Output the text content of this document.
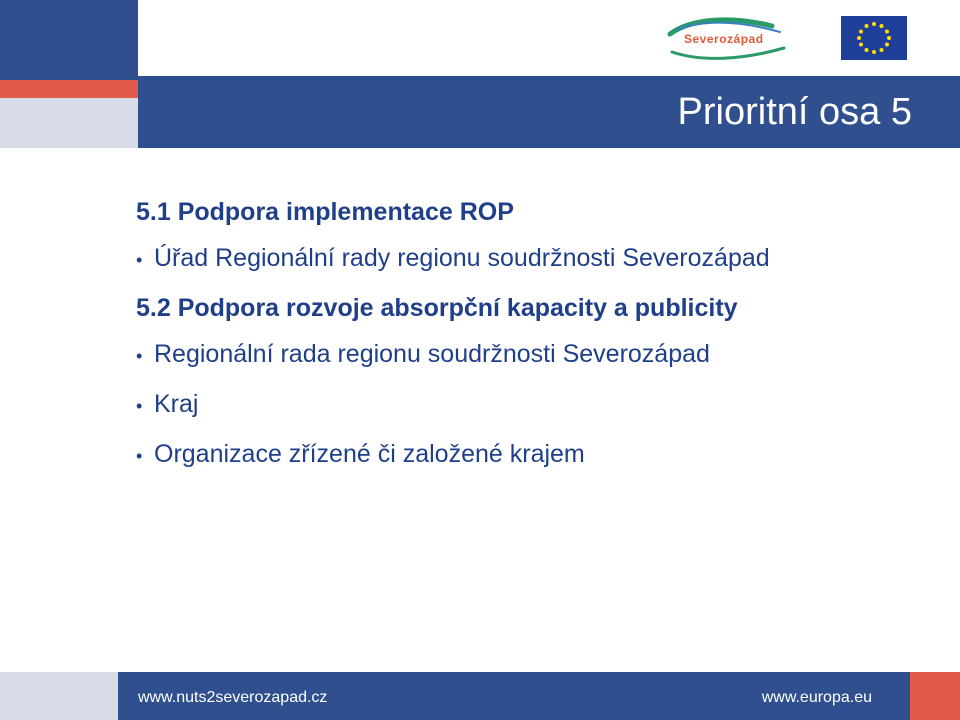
Prioritní osa 5
Severozápad
5.1 Podpora implementace ROP

• Úřad Regionální rady regionu soudržnosti Severozápad

5.2 Podpora rozvoje absorpční kapacity a publicity

• Regionální rada regionu soudržnosti Severozápad

• Kraj

• Organizace zřízené či založené krajem

www.nuts2severozapad.cz	www.europa.eu
